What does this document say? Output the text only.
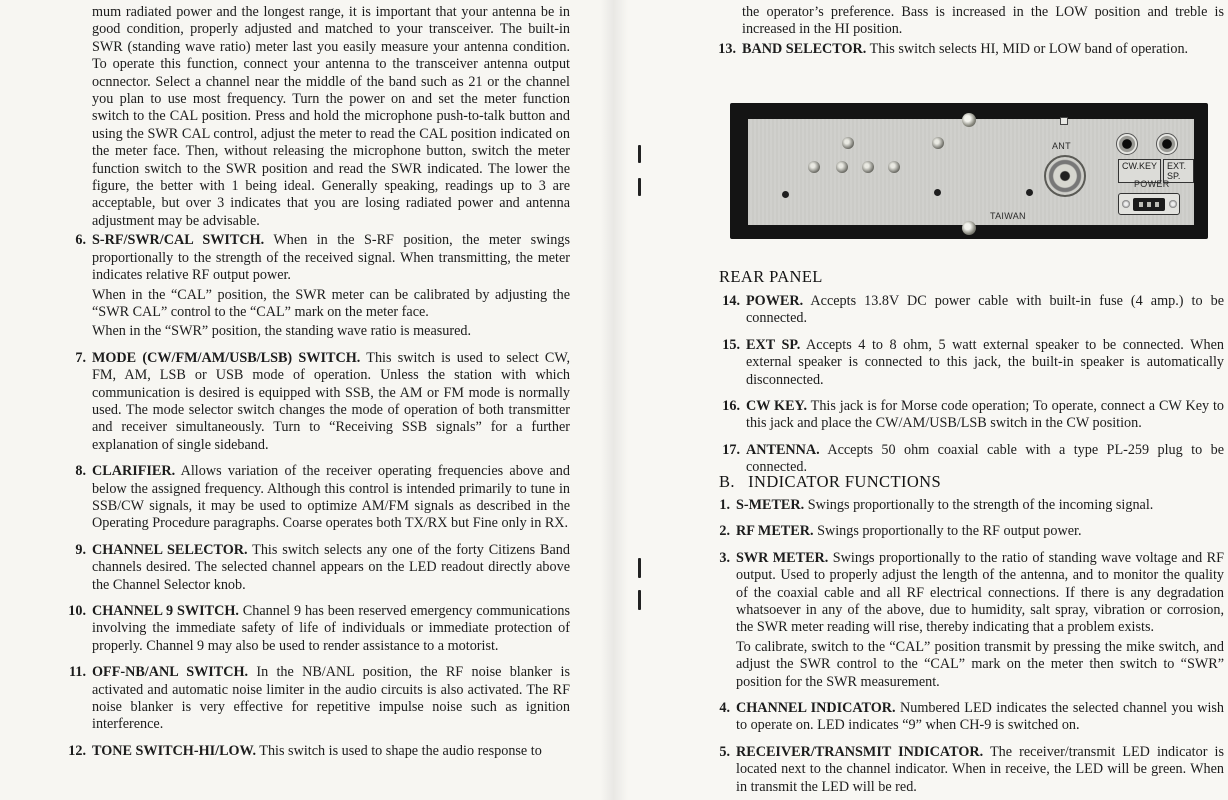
mum radiated power and the longest range, it is important that your antenna be in good condition, properly adjusted and matched to your transceiver. The built-in SWR (standing wave ratio) meter last you easily measure your antenna condition. To operate this function, connect your antenna to the transceiver antenna output ocnnector. Select a channel near the middle of the band such as 21 or the channel you plan to use most frequency. Turn the power on and set the meter function switch to the CAL position. Press and hold the microphone push-to-talk button and using the SWR CAL control, adjust the meter to read the CAL position indicated on the meter face. Then, without releasing the microphone button, switch the meter function switch to the SWR position and read the SWR indicated. The lower the figure, the better with 1 being ideal. Generally speaking, readings up to 3 are acceptable, but over 3 indicates that you are losing radiated power and antenna adjustment may be advisable.

6. S-RF/SWR/CAL SWITCH. When in the S-RF position, the meter swings proportionally to the strength of the received signal. When transmitting, the meter indicates relative RF output power.

When in the “CAL” position, the SWR meter can be calibrated by adjusting the “SWR CAL” control to the “CAL” mark on the meter face.

When in the “SWR” position, the standing wave ratio is measured.

7. MODE (CW/FM/AM/USB/LSB) SWITCH. This switch is used to select CW, FM, AM, LSB or USB mode of operation. Unless the station with which communication is desired is equipped with SSB, the AM or FM mode is normally used. The mode selector switch changes the mode of operation of both transmitter and receiver simultaneously. Turn to “Receiving SSB signals” for a further explanation of single sideband.

8. CLARIFIER. Allows variation of the receiver operating frequencies above and below the assigned frequency. Although this control is intended primarily to tune in SSB/CW signals, it may be used to optimize AM/FM signals as described in the Operating Procedure paragraphs. Coarse operates both TX/RX but Fine only in RX.

9. CHANNEL SELECTOR. This switch selects any one of the forty Citizens Band channels desired. The selected channel appears on the LED readout directly above the Channel Selector knob.

10. CHANNEL 9 SWITCH. Channel 9 has been reserved emergency communications involving the immediate safety of life of individuals or immediate protection of properly. Channel 9 may also be used to render assistance to a motorist.

11. OFF-NB/ANL SWITCH. In the NB/ANL position, the RF noise blanker is activated and automatic noise limiter in the audio circuits is also activated. The RF noise blanker is very effective for repetitive impulse noise such as ignition interference.

12. TONE SWITCH-HI/LOW. This switch is used to shape the audio response to

the operator’s preference. Bass is increased in the LOW position and treble is increased in the HI position.

13. BAND SELECTOR. This switch selects HI, MID or LOW band of operation.

ANT
TAIWAN
CW.KEY	EXT. SP.
POWER
REAR PANEL
14. POWER. Accepts 13.8V DC power cable with built-in fuse (4 amp.) to be connected.

15. EXT SP. Accepts 4 to 8 ohm, 5 watt external speaker to be connected. When external speaker is connected to this jack, the built-in speaker is automatically disconnected.

16. CW KEY. This jack is for Morse code operation; To operate, connect a CW Key to this jack and place the CW/AM/USB/LSB switch in the CW position.

17. ANTENNA. Accepts 50 ohm coaxial cable with a type PL-259 plug to be connected.

B.  INDICATOR FUNCTIONS
1. S-METER. Swings proportionally to the strength of the incoming signal.

2. RF METER. Swings proportionally to the RF output power.

3. SWR METER. Swings proportionally to the ratio of standing wave voltage and RF output. Used to properly adjust the length of the antenna, and to monitor the quality of the coaxial cable and all RF electrical connections. If there is any degradation whatsoever in any of the above, due to humidity, salt spray, vibration or corrosion, the SWR meter reading will rise, thereby indicating that a problem exists.

To calibrate, switch to the “CAL” position transmit by pressing the mike switch, and adjust the SWR control to the “CAL” mark on the meter then switch to “SWR” position for the SWR measurement.

4. CHANNEL INDICATOR. Numbered LED indicates the selected channel you wish to operate on. LED indicates “9” when CH-9 is switched on.

5. RECEIVER/TRANSMIT INDICATOR. The receiver/transmit LED indicator is located next to the channel indicator. When in receive, the LED will be green. When in transmit the LED will be red.
